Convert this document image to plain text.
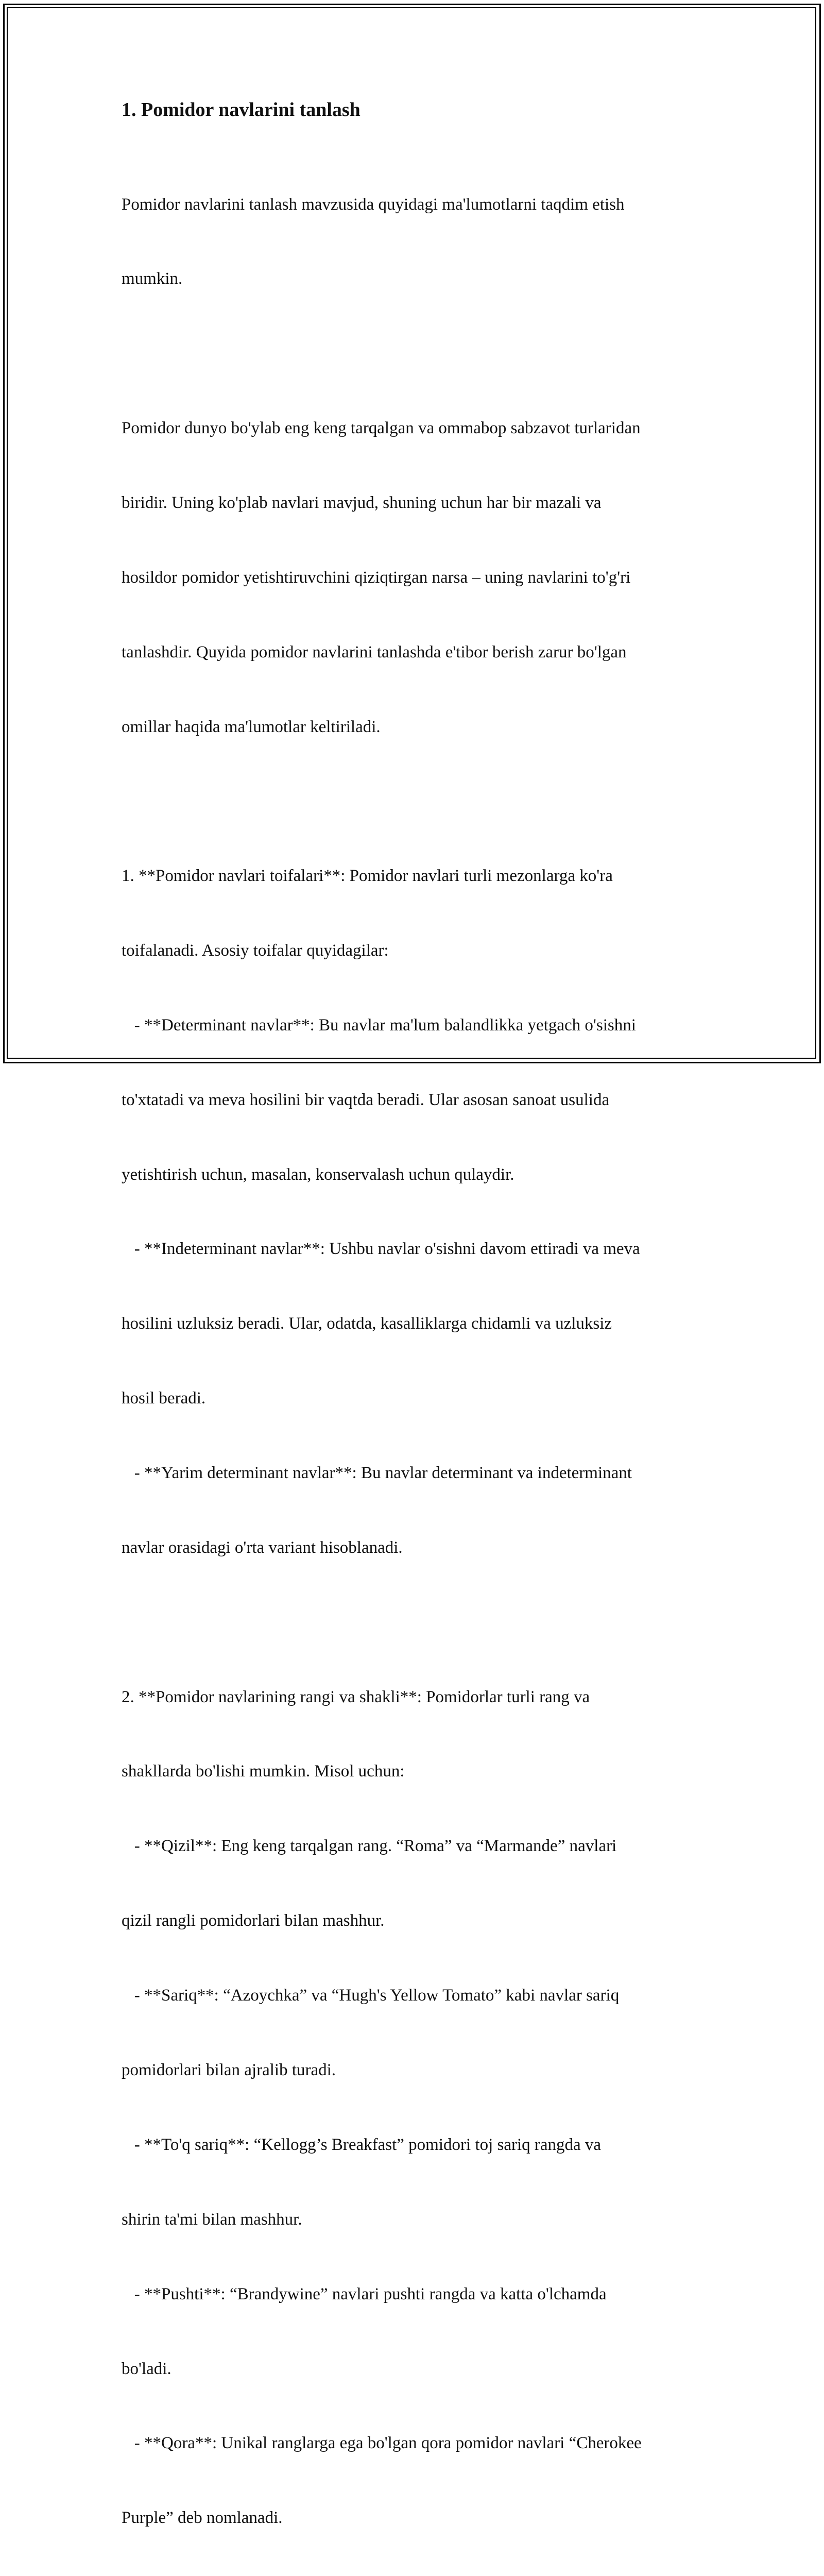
1. Pomidor navlarini tanlash

Pomidor navlarini tanlash mavzusida quyidagi ma'lumotlarni taqdim etish

mumkin.

Pomidor dunyo bo'ylab eng keng tarqalgan va ommabop sabzavot turlaridan

biridir. Uning ko'plab navlari mavjud, shuning uchun har bir mazali va

hosildor pomidor yetishtiruvchini qiziqtirgan narsa – uning navlarini to'g'ri

tanlashdir. Quyida pomidor navlarini tanlashda e'tibor berish zarur bo'lgan

omillar haqida ma'lumotlar keltiriladi.

1. **Pomidor navlari toifalari**: Pomidor navlari turli mezonlarga ko'ra

toifalanadi. Asosiy toifalar quyidagilar:

- **Determinant navlar**: Bu navlar ma'lum balandlikka yetgach o'sishni

to'xtatadi va meva hosilini bir vaqtda beradi. Ular asosan sanoat usulida

yetishtirish uchun, masalan, konservalash uchun qulaydir.

- **Indeterminant navlar**: Ushbu navlar o'sishni davom ettiradi va meva

hosilini uzluksiz beradi. Ular, odatda, kasalliklarga chidamli va uzluksiz

hosil beradi.

- **Yarim determinant navlar**: Bu navlar determinant va indeterminant

navlar orasidagi o'rta variant hisoblanadi.

2. **Pomidor navlarining rangi va shakli**: Pomidorlar turli rang va

shakllarda bo'lishi mumkin. Misol uchun:

- **Qizil**: Eng keng tarqalgan rang. “Roma” va “Marmande” navlari

qizil rangli pomidorlari bilan mashhur.

- **Sariq**: “Azoychka” va “Hugh's Yellow Tomato” kabi navlar sariq

pomidorlari bilan ajralib turadi.

- **To'q sariq**: “Kellogg’s Breakfast” pomidori toj sariq rangda va

shirin ta'mi bilan mashhur.

- **Pushti**: “Brandywine” navlari pushti rangda va katta o'lchamda

bo'ladi.

- **Qora**: Unikal ranglarga ega bo'lgan qora pomidor navlari “Cherokee

Purple” deb nomlanadi.
